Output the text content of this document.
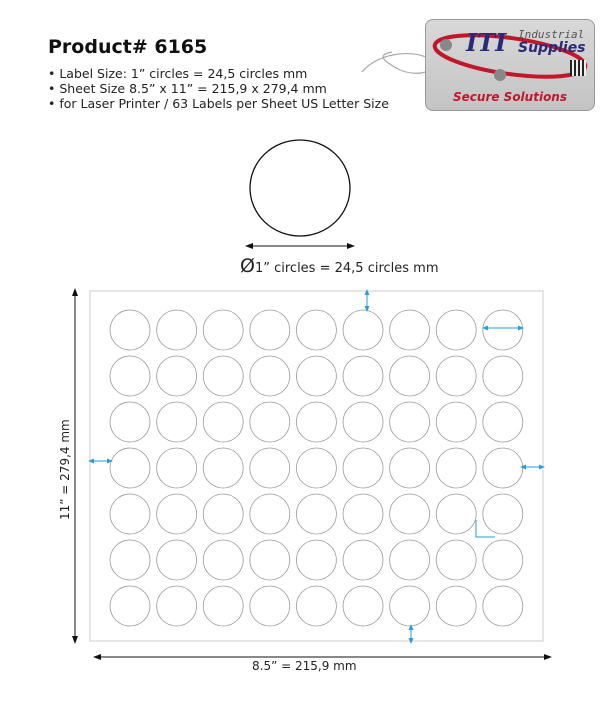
Product# 6165
• Label Size: 1” circles = 24,5 circles mm
• Sheet Size 8.5” x 11” = 215,9 x 279,4 mm
• for Laser Printer / 63 Labels per Sheet US Letter Size
Ø1” circles = 24,5 circles mm
11” = 279,4 mm
8.5” = 215,9 mm
ITI Industrial
Supplies
Secure Solutions
